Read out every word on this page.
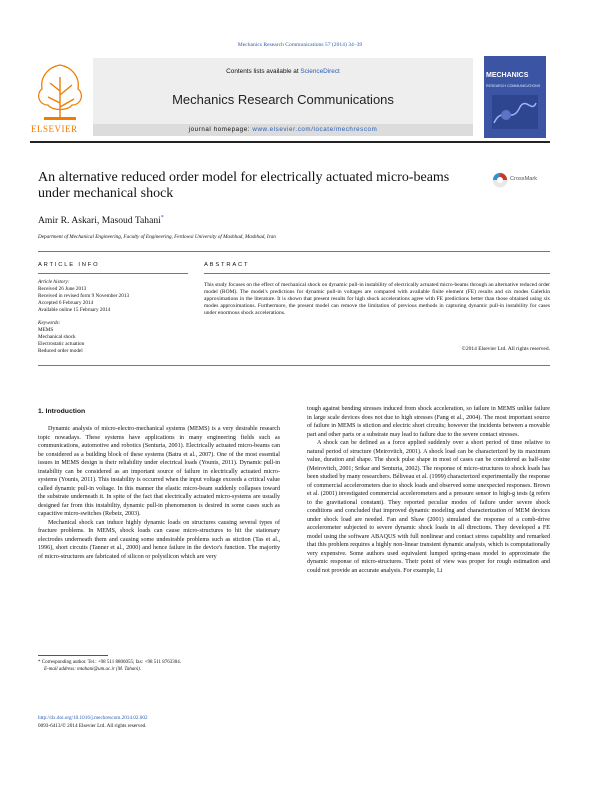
Mechanics Research Communications 57 (2014) 34–39
ELSEVIER
Contents lists available at ScienceDirect
Mechanics Research Communications
journal homepage: www.elsevier.com/locate/mechrescom
MECHANICS
RESEARCH COMMUNICATIONS
An alternative reduced order model for electrically actuated micro-beams under mechanical shock
CrossMark
Amir R. Askari, Masoud Tahani*
Department of Mechanical Engineering, Faculty of Engineering, Ferdowsi University of Mashhad, Mashhad, Iran
ARTICLE INFO	ABSTRACT
Article history:
Received 26 June 2013
Received in revised form 9 November 2013
Accepted 6 February 2014
Available online 15 February 2014
Keywords:
MEMS
Mechanical shock
Electrostatic actuation
Reduced order model
This study focuses on the effect of mechanical shock on dynamic pull-in instability of electrically actuated micro-beams through an alternative reduced order model (ROM). The model's predictions for dynamic pull-in voltages are compared with available finite element (FE) results and six modes Galerkin approximations in the literature. It is shown that present results for high shock accelerations agree with FE predictions better than those obtained using six modes approximations. Furthermore, the present model can remove the limitation of previous methods in capturing dynamic pull-in instability for cases under enormous shock accelerations.
©2014 Elsevier Ltd. All rights reserved.
1. Introduction

Dynamic analysis of micro-electro-mechanical systems (MEMS) is a very desirable research topic nowadays. These systems have applications in many engineering fields such as communications, automotive and robotics (Senturia, 2001). Electrically actuated micro-beams can be considered as a building block of these systems (Batra et al., 2007). One of the most essential issues in MEMS design is their reliability under electrical loads (Younis, 2011). Dynamic pull-in instability can be considered as an important source of failure in electrically actuated micro-systems (Younis, 2011). This instability is occurred when the input voltage exceeds a critical value called dynamic pull-in voltage. In this manner the elastic micro-beam suddenly collapses toward the substrate underneath it. In spite of the fact that electrically actuated micro-systems are usually designed far from this instability, dynamic pull-in phenomenon is desired in some cases such as capacitive micro-switches (Rebeiz, 2003).

Mechanical shock can induce highly dynamic loads on structures causing several types of fracture problems. In MEMS, shock loads can cause micro-structures to hit the stationary electrodes underneath them and causing some undesirable problems such as stiction (Tas et al., 1996), short circuits (Tanner et al., 2000) and hence failure in the device's function. The majority of micro-structures are fabricated of silicon or polysilicon which are very

tough against bending stresses induced from shock acceleration, so failure in MEMS unlike failure in large scale devices does not due to high stresses (Fang et al., 2004). The most important source of failure in MEMS is stiction and electric short circuits; however the incidents between a movable part and other parts or a substrate may lead to failure due to the severe contact stresses.

A shock can be defined as a force applied suddenly over a short period of time relative to natural period of structure (Meirovitch, 2001). A shock load can be characterized by its maximum value, duration and shape. The shock pulse shape in most of cases can be considered as half-sine (Meirovitch, 2001; Srikar and Senturia, 2002). The response of micro-structures to shock loads has been studied by many researchers. Béliveau et al. (1999) characterized experimentally the response of commercial accelerometers due to shock loads and observed some unexpected responses. Brown et al. (2001) investigated commercial accelerometers and a pressure sensor to high-g tests (g refers to the gravitational constant). They reported peculiar modes of failure under severe shock conditions and concluded that improved dynamic modeling and characterization of MEM devices under shock load are needed. Fan and Shaw (2001) simulated the response of a comb-drive accelerometer subjected to severe dynamic shock loads in all directions. They developed a FE model using the software ABAQUS with full nonlinear and contact stress capability and remarked that this problem requires a highly non-linear transient dynamic analysis, which is computationally very expensive. Some authors used equivalent lumped spring-mass model to approximate the dynamic response of micro-structures. Their point of view was proper for rough estimation and could not provide an accurate analysis. For example, Li

* Corresponding author. Tel.: +98 511 8806055; fax: +98 511 8763304.
E-mail address: mtahani@um.ac.ir (M. Tahani).
http://dx.doi.org/10.1016/j.mechrescom.2014.02.002
0093-6413/© 2014 Elsevier Ltd. All rights reserved.
